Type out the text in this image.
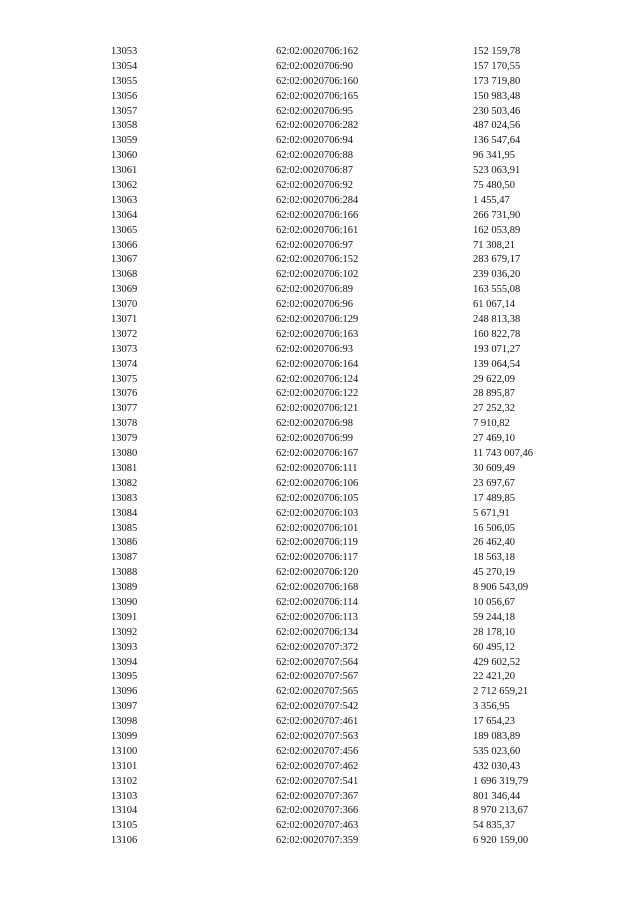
13053	62:02:0020706:162	152 159,78
13054	62:02:0020706:90	157 170,55
13055	62:02:0020706:160	173 719,80
13056	62:02:0020706:165	150 983,48
13057	62:02:0020706:95	230 503,46
13058	62:02:0020706:282	487 024,56
13059	62:02:0020706:94	136 547,64
13060	62:02:0020706:88	96 341,95
13061	62:02:0020706:87	523 063,91
13062	62:02:0020706:92	75 480,50
13063	62:02:0020706:284	1 455,47
13064	62:02:0020706:166	266 731,90
13065	62:02:0020706:161	162 053,89
13066	62:02:0020706:97	71 308,21
13067	62:02:0020706:152	283 679,17
13068	62:02:0020706:102	239 036,20
13069	62:02:0020706:89	163 555,08
13070	62:02:0020706:96	61 067,14
13071	62:02:0020706:129	248 813,38
13072	62:02:0020706:163	160 822,78
13073	62:02:0020706:93	193 071,27
13074	62:02:0020706:164	139 064,54
13075	62:02:0020706:124	29 622,09
13076	62:02:0020706:122	28 895,87
13077	62:02:0020706:121	27 252,32
13078	62:02:0020706:98	7 910,82
13079	62:02:0020706:99	27 469,10
13080	62:02:0020706:167	11 743 007,46
13081	62:02:0020706:111	30 609,49
13082	62:02:0020706:106	23 697,67
13083	62:02:0020706:105	17 489,85
13084	62:02:0020706:103	5 671,91
13085	62:02:0020706:101	16 506,05
13086	62:02:0020706:119	26 462,40
13087	62:02:0020706:117	18 563,18
13088	62:02:0020706:120	45 270,19
13089	62:02:0020706:168	8 906 543,09
13090	62:02:0020706:114	10 056,67
13091	62:02:0020706:113	59 244,18
13092	62:02:0020706:134	28 178,10
13093	62:02:0020707:372	60 495,12
13094	62:02:0020707:564	429 602,52
13095	62:02:0020707:567	22 421,20
13096	62:02:0020707:565	2 712 659,21
13097	62:02:0020707:542	3 356,95
13098	62:02:0020707:461	17 654,23
13099	62:02:0020707:563	189 083,89
13100	62:02:0020707:456	535 023,60
13101	62:02:0020707:462	432 030,43
13102	62:02:0020707:541	1 696 319,79
13103	62:02:0020707:367	801 346,44
13104	62:02:0020707:366	8 970 213,67
13105	62:02:0020707:463	54 835,37
13106	62:02:0020707:359	6 920 159,00
